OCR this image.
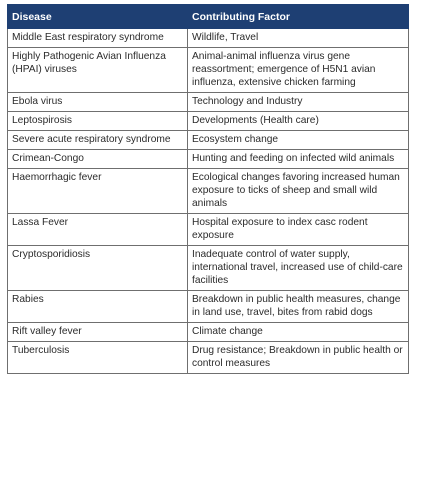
Disease	Contributing Factor
Middle East respiratory syndrome	Wildlife, Travel
Highly Pathogenic Avian Influenza (HPAI) viruses	Animal-animal influenza virus gene reassortment; emergence of H5N1 avian influenza, extensive chicken farming
Ebola virus	Technology and Industry
Leptospirosis	Developments (Health care)
Severe acute respiratory syndrome	Ecosystem change
Crimean-Congo	Hunting and feeding on infected wild animals
Haemorrhagic fever	Ecological changes favoring increased human exposure to ticks of sheep and small wild animals
Lassa Fever	Hospital exposure to index casc rodent exposure
Cryptosporidiosis	Inadequate control of water supply, international travel, increased use of child-care facilities
Rabies	Breakdown in public health measures, change in land use, travel, bites from rabid dogs
Rift valley fever	Climate change
Tuberculosis	Drug resistance; Breakdown in public health or control measures
